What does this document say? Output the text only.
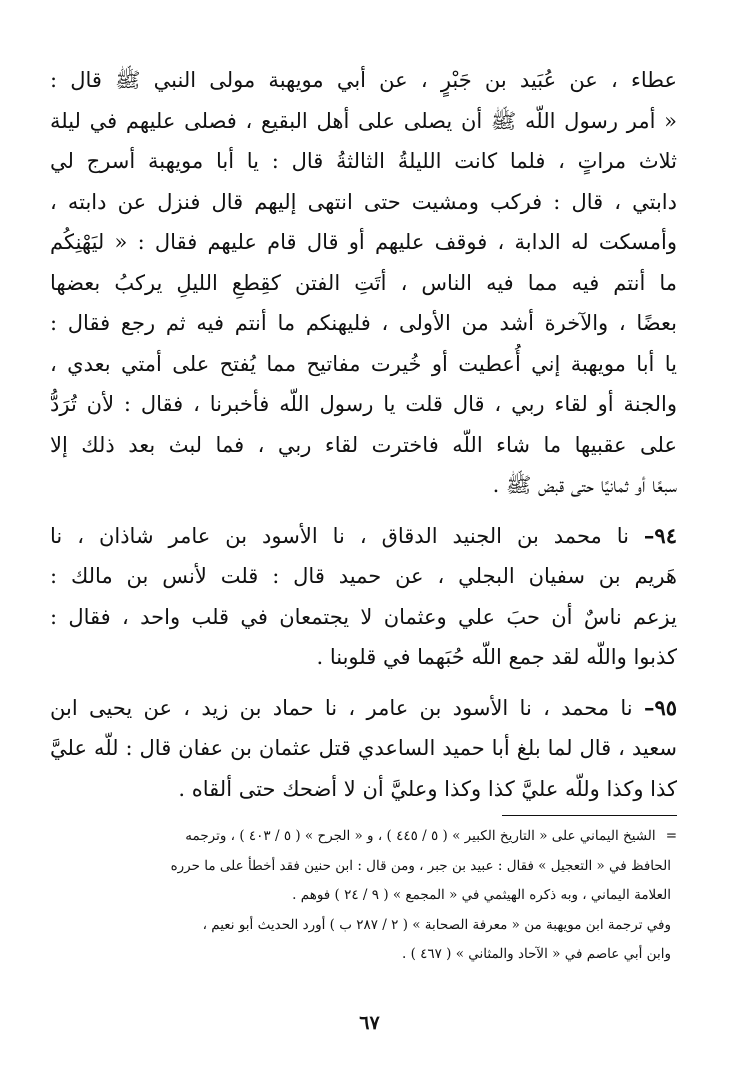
عطاء ، عن عُبَيد بن جَبْرٍ ، عن أبي مويهبة مولى النبي ﷺ قال :
« أمر رسول اللّه ﷺ أن يصلى على أهل البقيع ، فصلى عليهم في ليلة
ثلاث مراتٍ ، فلما كانت الليلةُ الثالثةُ قال : يا أبا مويهبة أسرج لي
دابتي ، قال : فركب ومشيت حتى انتهى إليهم قال فنزل عن دابته ،
وأمسكت له الدابة ، فوقف عليهم أو قال قام عليهم فقال : « ليَهْنِكُم
ما أنتم فيه مما فيه الناس ، أتَتِ الفتن كقِطعِ الليلِ يركبُ بعضها
بعضًا ، والآخرة أشد من الأولى ، فليهنكم ما أنتم فيه ثم رجع فقال :
يا أبا مويهبة إني أُعطيت أو خُيرت مفاتيح مما يُفتح على أمتي بعدي ،
والجنة أو لقاء ربي ، قال قلت يا رسول اللّه فأخبرنا ، فقال : لأن تُرَدُّ
على عقبيها ما شاء اللّه فاخترت لقاء ربي ، فما لبث بعد ذلك إلا
سبعًا أو ثمانيًا حتى قبض ﷺ .
٩٤– نا محمد بن الجنيد الدقاق ، نا الأسود بن عامر شاذان ، نا
هَريم بن سفيان البجلي ، عن حميد قال : قلت لأنس بن مالك :
يزعم ناسٌ أن حبَ علي وعثمان لا يجتمعان في قلب واحد ، فقال :
كذبوا واللّه لقد جمع اللّه حُبَهما في قلوبنا .
٩٥– نا محمد ، نا الأسود بن عامر ، نا حماد بن زيد ، عن يحيى ابن
سعيد ، قال لما بلغ أبا حميد الساعدي قتل عثمان بن عفان قال : للّه عليَّ
كذا وكذا وللّه عليَّ كذا وكذا وعليَّ أن لا أضحك حتى ألقاه .
=الشيخ اليماني على « التاريخ الكبير » ( ٥ / ٤٤٥ ) ، و « الجرح » ( ٥ / ٤٠٣ ) ، وترجمه
الحافظ في « التعجيل » فقال : عبيد بن جبر ، ومن قال : ابن حنين فقد أخطأ على ما حرره
العلامة اليماني ، وبه ذكره الهيثمي في « المجمع » ( ٩ / ٢٤ ) فوهم .
وفي ترجمة ابن مويهبة من « معرفة الصحابة » ( ٢ / ٢٨٧ ب ) أورد الحديث أبو نعيم ،
وابن أبي عاصم في « الآحاد والمثاني » ( ٤٦٧ ) .
٦٧
